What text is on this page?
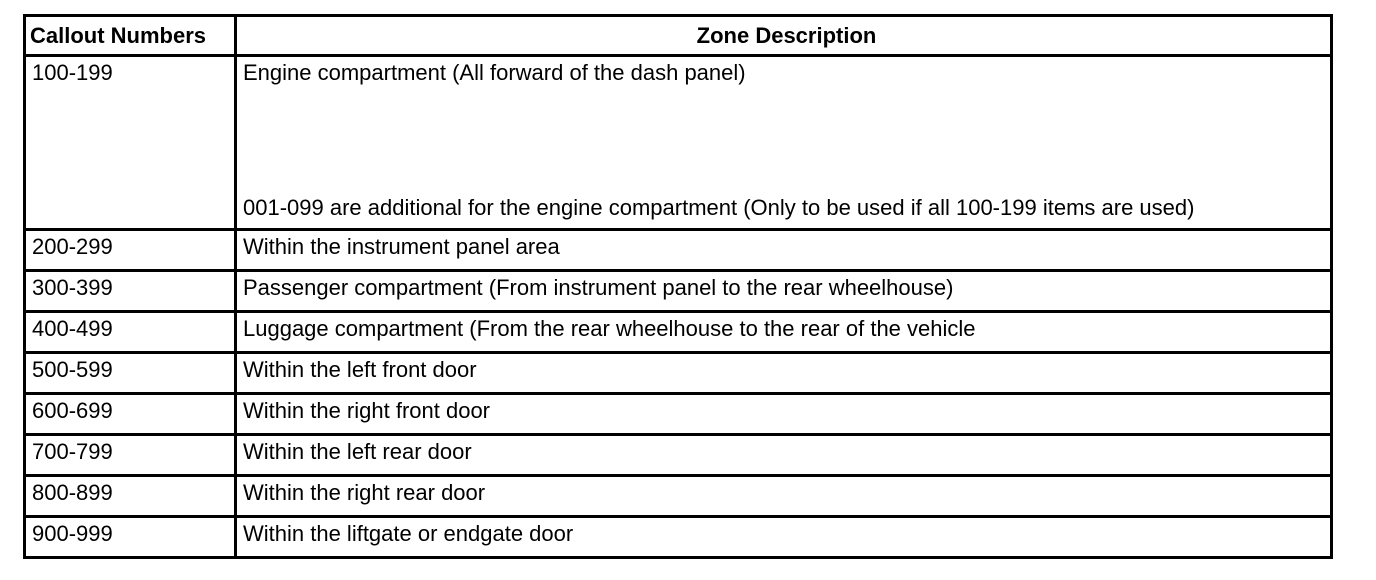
Callout Numbers	Zone Description
100-199	Engine compartment (All forward of the dash panel)
001-099 are additional for the engine compartment (Only to be used if all 100-199 items are used)

200-299	Within the instrument panel area
300-399	Passenger compartment (From instrument panel to the rear wheelhouse)
400-499	Luggage compartment (From the rear wheelhouse to the rear of the vehicle
500-599	Within the left front door
600-699	Within the right front door
700-799	Within the left rear door
800-899	Within the right rear door
900-999	Within the liftgate or endgate door
